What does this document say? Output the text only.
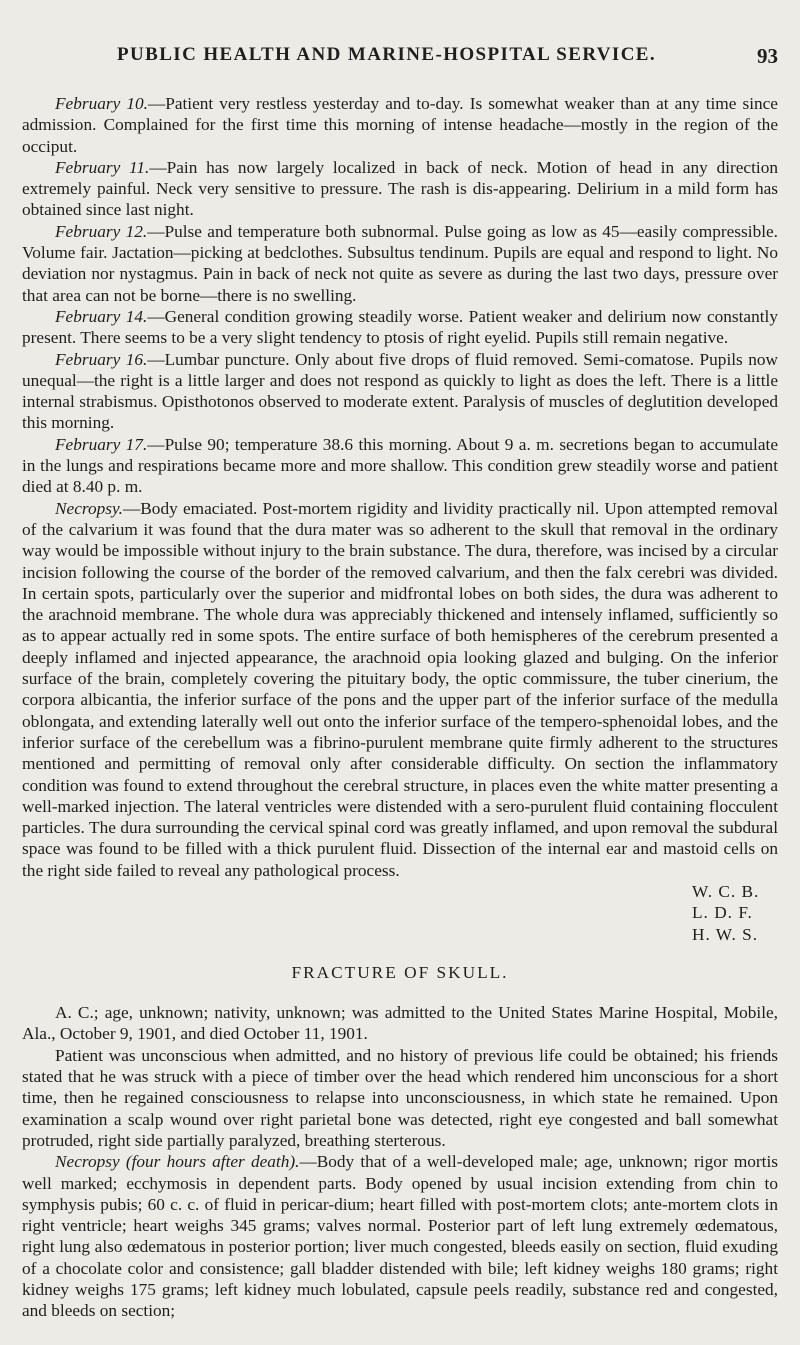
PUBLIC HEALTH AND MARINE-HOSPITAL SERVICE.	93

February 10.—Patient very restless yesterday and to-day. Is somewhat weaker than at any time since admission. Complained for the first time this morning of intense headache—mostly in the region of the occiput.

February 11.—Pain has now largely localized in back of neck. Motion of head in any direction extremely painful. Neck very sensitive to pressure. The rash is dis-appearing. Delirium in a mild form has obtained since last night.

February 12.—Pulse and temperature both subnormal. Pulse going as low as 45—easily compressible. Volume fair. Jactation—picking at bedclothes. Subsultus tendinum. Pupils are equal and respond to light. No deviation nor nystagmus. Pain in back of neck not quite as severe as during the last two days, pressure over that area can not be borne—there is no swelling.

February 14.—General condition growing steadily worse. Patient weaker and delirium now constantly present. There seems to be a very slight tendency to ptosis of right eyelid. Pupils still remain negative.

February 16.—Lumbar puncture. Only about five drops of fluid removed. Semi-comatose. Pupils now unequal—the right is a little larger and does not respond as quickly to light as does the left. There is a little internal strabismus. Opisthotonos observed to moderate extent. Paralysis of muscles of deglutition developed this morning.

February 17.—Pulse 90; temperature 38.6 this morning. About 9 a. m. secretions began to accumulate in the lungs and respirations became more and more shallow. This condition grew steadily worse and patient died at 8.40 p. m.

Necropsy.—Body emaciated. Post-mortem rigidity and lividity practically nil. Upon attempted removal of the calvarium it was found that the dura mater was so adherent to the skull that removal in the ordinary way would be impossible without injury to the brain substance. The dura, therefore, was incised by a circular incision following the course of the border of the removed calvarium, and then the falx cerebri was divided. In certain spots, particularly over the superior and midfrontal lobes on both sides, the dura was adherent to the arachnoid membrane. The whole dura was appreciably thickened and intensely inflamed, sufficiently so as to appear actually red in some spots. The entire surface of both hemispheres of the cerebrum presented a deeply inflamed and injected appearance, the arachnoid opia looking glazed and bulging. On the inferior surface of the brain, completely covering the pituitary body, the optic commissure, the tuber cinerium, the corpora albicantia, the inferior surface of the pons and the upper part of the inferior surface of the medulla oblongata, and extending laterally well out onto the inferior surface of the tempero-sphenoidal lobes, and the inferior surface of the cerebellum was a fibrino-purulent membrane quite firmly adherent to the structures mentioned and permitting of removal only after considerable difficulty. On section the inflammatory condition was found to extend throughout the cerebral structure, in places even the white matter presenting a well-marked injection. The lateral ventricles were distended with a sero-purulent fluid containing flocculent particles. The dura surrounding the cervical spinal cord was greatly inflamed, and upon removal the subdural space was found to be filled with a thick purulent fluid. Dissection of the internal ear and mastoid cells on the right side failed to reveal any pathological process.

W. C. B.
L. D. F.
H. W. S.
FRACTURE OF SKULL.

A. C.; age, unknown; nativity, unknown; was admitted to the United States Marine Hospital, Mobile, Ala., October 9, 1901, and died October 11, 1901.

Patient was unconscious when admitted, and no history of previous life could be obtained; his friends stated that he was struck with a piece of timber over the head which rendered him unconscious for a short time, then he regained consciousness to relapse into unconsciousness, in which state he remained. Upon examination a scalp wound over right parietal bone was detected, right eye congested and ball somewhat protruded, right side partially paralyzed, breathing sterterous.

Necropsy (four hours after death).—Body that of a well-developed male; age, unknown; rigor mortis well marked; ecchymosis in dependent parts. Body opened by usual incision extending from chin to symphysis pubis; 60 c. c. of fluid in pericar-dium; heart filled with post-mortem clots; ante-mortem clots in right ventricle; heart weighs 345 grams; valves normal. Posterior part of left lung extremely œdematous, right lung also œdematous in posterior portion; liver much congested, bleeds easily on section, fluid exuding of a chocolate color and consistence; gall bladder distended with bile; left kidney weighs 180 grams; right kidney weighs 175 grams; left kidney much lobulated, capsule peels readily, substance red and congested, and bleeds on section;
